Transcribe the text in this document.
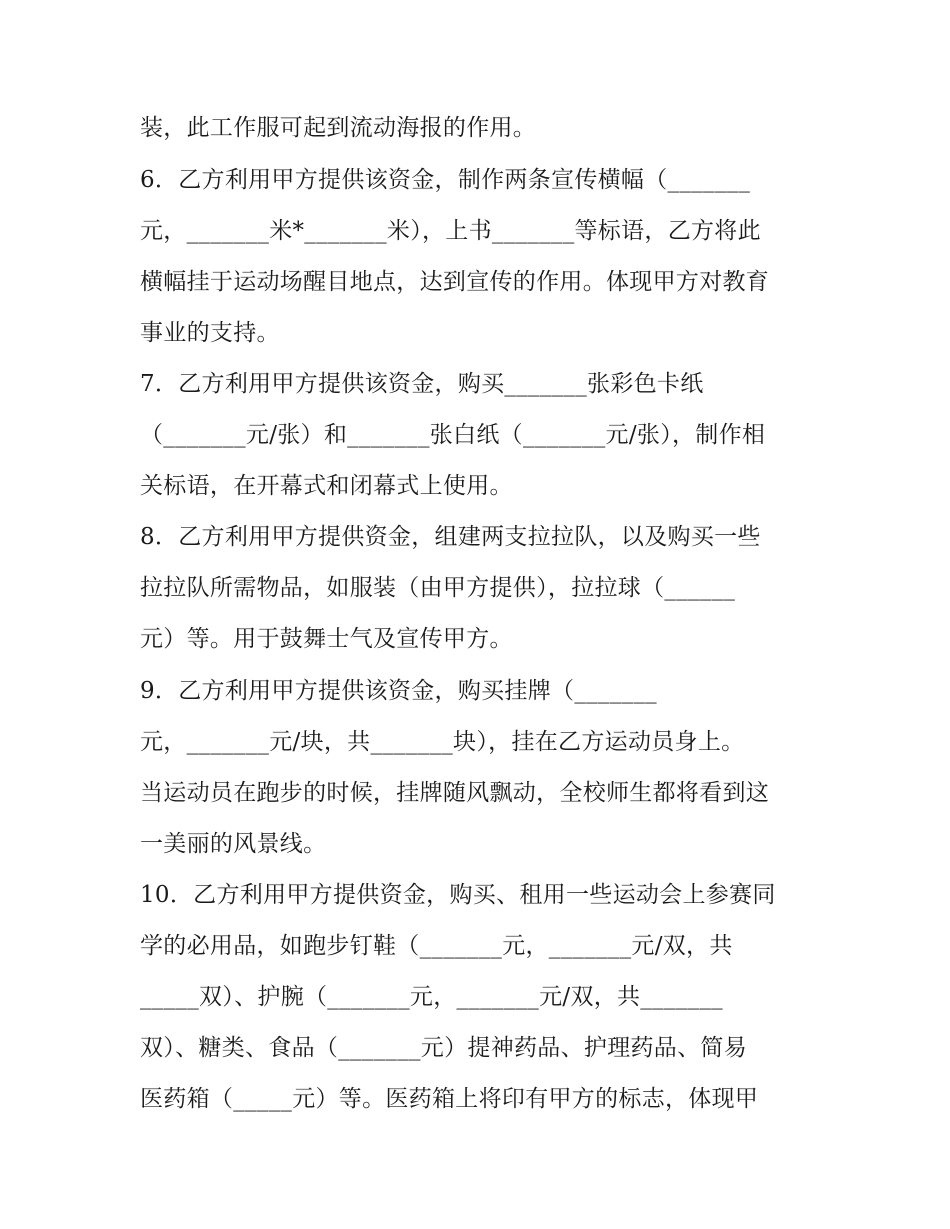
装，此工作服可起到流动海报的作用。

6．乙方利用甲方提供该资金，制作两条宣传横幅（_______

元，_______米*_______米），上书_______等标语，乙方将此

横幅挂于运动场醒目地点，达到宣传的作用。体现甲方对教育

事业的支持。

7．乙方利用甲方提供该资金，购买_______张彩色卡纸

（_______元/张）和_______张白纸（_______元/张），制作相

关标语，在开幕式和闭幕式上使用。

8．乙方利用甲方提供资金，组建两支拉拉队，以及购买一些

拉拉队所需物品，如服装（由甲方提供），拉拉球（______

元）等。用于鼓舞士气及宣传甲方。

9．乙方利用甲方提供该资金，购买挂牌（_______

元，_______元/块，共_______块），挂在乙方运动员身上。

当运动员在跑步的时候，挂牌随风飘动，全校师生都将看到这

一美丽的风景线。

10．乙方利用甲方提供资金，购买、租用一些运动会上参赛同

学的必用品，如跑步钉鞋（_______元，_______元/双，共

_____双）、护腕（_______元，_______元/双，共_______

双）、糖类、食品（_______元）提神药品、护理药品、简易

医药箱（_____元）等。医药箱上将印有甲方的标志，体现甲
